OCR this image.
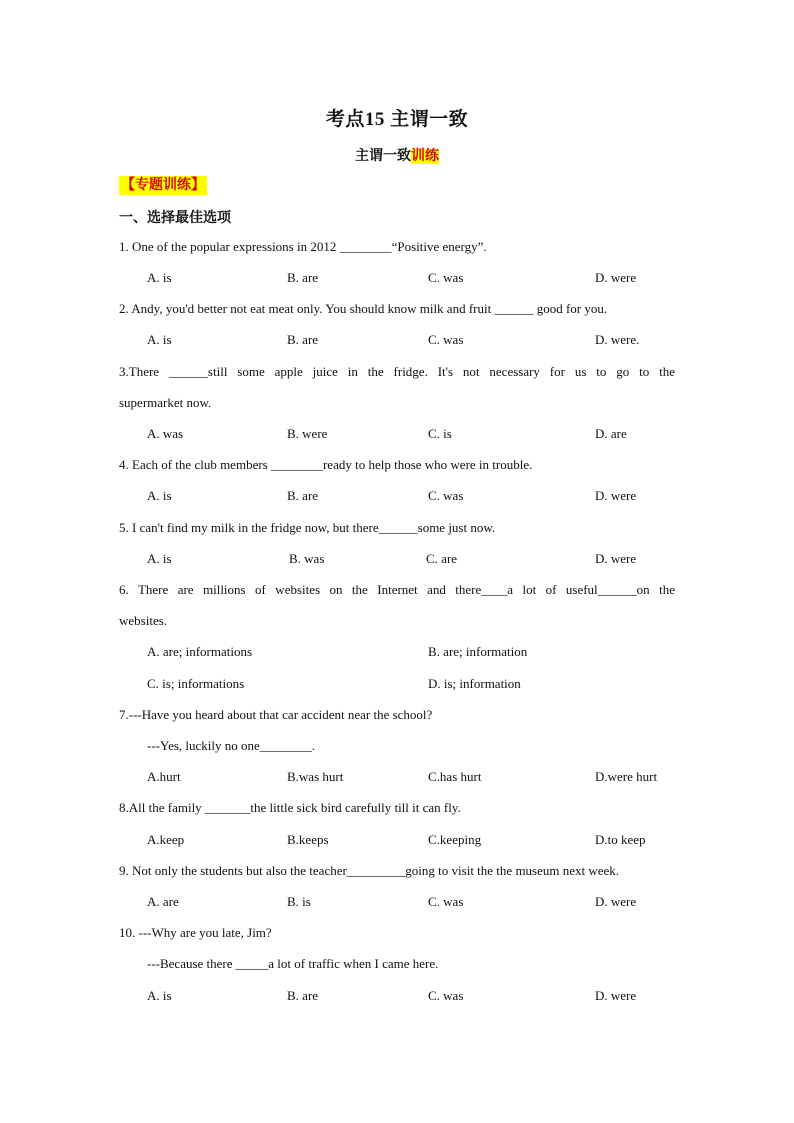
考点15 主谓一致
主谓一致训练
【专题训练】
一、选择最佳选项
1. One of the popular expressions in 2012 ________“Positive energy”.
A. is	B. are	C. was	D. were
2. Andy, you'd better not eat meat only. You should know milk and fruit ______ good for you.
A. is	B. are	C. was	D. were.
3.There ______still some apple juice in the fridge. It's not necessary for us to go to the
supermarket now.
A. was	B. were	C. is	D. are
4. Each of the club members ________ready to help those who were in trouble.
A. is	B. are	C. was	D. were
5. I can't find my milk in the fridge now, but there______some just now.
A. is	B. was	C. are	D. were
6. There are millions of websites on the Internet and there____a lot of useful______on the
websites.
A. are; informations	B. are; information
C. is; informations	D. is; information
7.---Have you heard about that car accident near the school?
---Yes, luckily no one________.
A.hurt	B.was hurt	C.has hurt	D.were hurt
8.All the family _______the little sick bird carefully till it can fly.
A.keep	B.keeps	C.keeping	D.to keep
9. Not only the students but also the teacher_________going to visit the the museum next week.
A. are	B. is	C. was	D. were
10. ---Why are you late, Jim?
---Because there _____a lot of traffic when I came here.
A. is	B. are	C. was	D. were
